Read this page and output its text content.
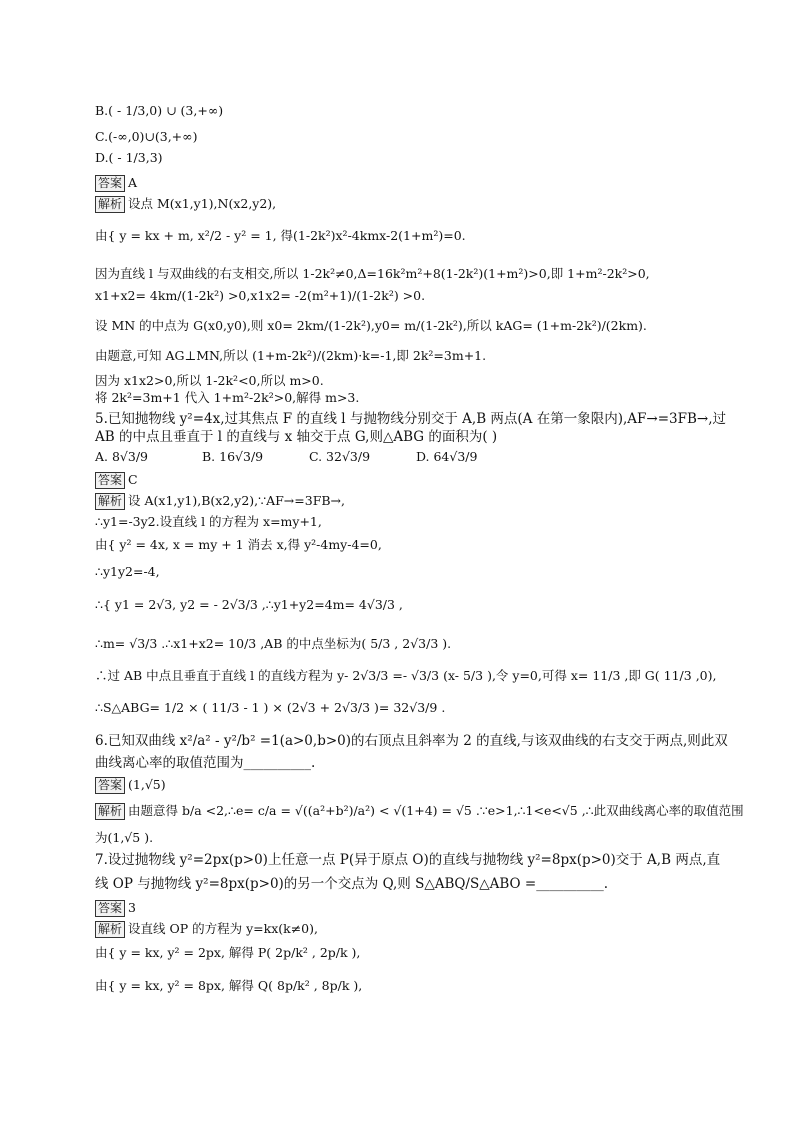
B.( - 1/3,0) ∪ (3,+∞)
C.(-∞,0)∪(3,+∞)
D.( - 1/3,3)
答案 A
解析 设点 M(x1,y1),N(x2,y2),
由{ y = kx + m, x²/2 - y² = 1, 得(1-2k²)x²-4kmx-2(1+m²)=0.
因为直线 l 与双曲线的右支相交,所以 1-2k²≠0,Δ=16k²m²+8(1-2k²)(1+m²)>0,即 1+m²-2k²>0,
x1+x2= 4km/(1-2k²) >0,x1x2= -2(m²+1)/(1-2k²) >0.
设 MN 的中点为 G(x0,y0),则 x0= 2km/(1-2k²),y0= m/(1-2k²),所以 kAG= (1+m-2k²)/(2km).
由题意,可知 AG⊥MN,所以 (1+m-2k²)/(2km)·k=-1,即 2k²=3m+1.
因为 x1x2>0,所以 1-2k²<0,所以 m>0.
将 2k²=3m+1 代入 1+m²-2k²>0,解得 m>3.
5.已知抛物线 y²=4x,过其焦点 F 的直线 l 与抛物线分别交于 A,B 两点(A 在第一象限内),AF→=3FB→,过
AB 的中点且垂直于 l 的直线与 x 轴交于点 G,则△ABG 的面积为( )
A. 8√3/9	B. 16√3/9	C. 32√3/9	D. 64√3/9
答案 C
解析 设 A(x1,y1),B(x2,y2),∵AF→=3FB→,
∴y1=-3y2.设直线 l 的方程为 x=my+1,
由{ y² = 4x, x = my + 1 消去 x,得 y²-4my-4=0,
∴y1y2=-4,
∴{ y1 = 2√3, y2 = - 2√3/3 ,∴y1+y2=4m= 4√3/3 ,
∴m= √3/3 .∴x1+x2= 10/3 ,AB 的中点坐标为( 5/3 , 2√3/3 ).
∴过 AB 中点且垂直于直线 l 的直线方程为 y- 2√3/3 =- √3/3 (x- 5/3 ),令 y=0,可得 x= 11/3 ,即 G( 11/3 ,0),
∴S△ABG= 1/2 × ( 11/3 - 1 ) × (2√3 + 2√3/3 )= 32√3/9 .
6.已知双曲线 x²/a² - y²/b² =1(a>0,b>0)的右顶点且斜率为 2 的直线,与该双曲线的右支交于两点,则此双
曲线离心率的取值范围为__________.
答案 (1,√5)
解析 由题意得 b/a <2,∴e= c/a = √((a²+b²)/a²) < √(1+4) = √5 .∵e>1,∴1<e<√5 ,∴此双曲线离心率的取值范围
为(1,√5 ).
7.设过抛物线 y²=2px(p>0)上任意一点 P(异于原点 O)的直线与抛物线 y²=8px(p>0)交于 A,B 两点,直
线 OP 与抛物线 y²=8px(p>0)的另一个交点为 Q,则 S△ABQ/S△ABO =__________.
答案 3
解析 设直线 OP 的方程为 y=kx(k≠0),
由{ y = kx, y² = 2px, 解得 P( 2p/k² , 2p/k ),
由{ y = kx, y² = 8px, 解得 Q( 8p/k² , 8p/k ),
